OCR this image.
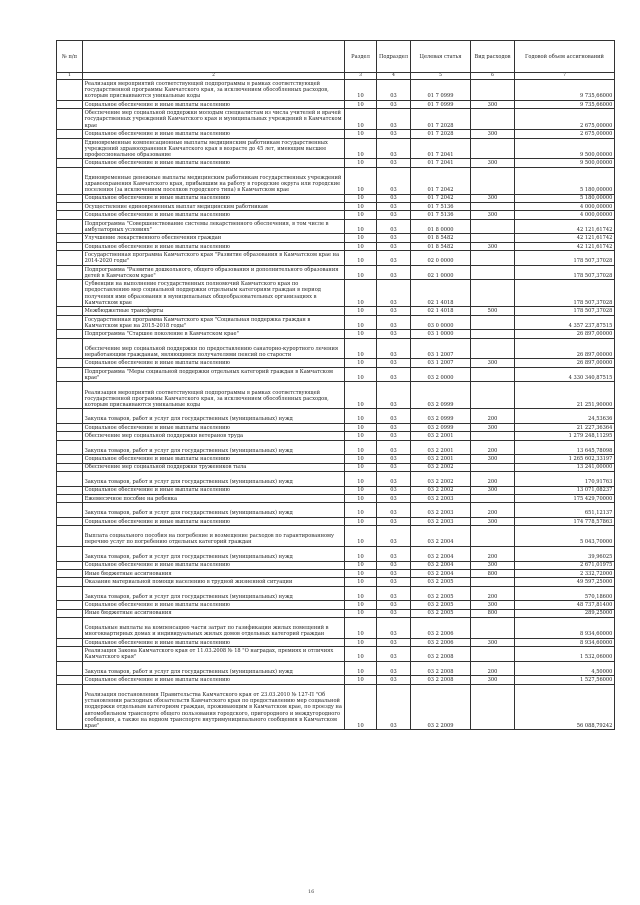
№ п/п		Раздел	Подраздел	Целевая статья	Вид расходов	Годовой объем ассигнований
1	2	3	4	5	6	7
	Реализация мероприятий соответствующей подпрограммы в рамках соответствующей государственной программы Камчатского края, за исключением обособленных расходов, которым присваиваются уникальные коды	10	03	01 7 0999		9 735,66000
	Социальное обеспечение и иные выплаты населению	10	03	01 7 0999	300	9 735,66000
	Обеспечение мер социальной поддержки молодым специалистам из числа учителей и врачей государственных учреждений Камчатского края и муниципальных учреждений в Камчатском крае	10	03	01 7 2028		2 675,00000
	Социальное обеспечение и иные выплаты населению	10	03	01 7 2028	300	2 675,00000
	Единовременные компенсационные выплаты медицинским работникам государственных учреждений здравоохранения Камчатского края в возрасте до 45 лет, имеющим высшее профессиональное образование	10	03	01 7 2041		9 500,00000
	Социальное обеспечение и иные выплаты населению	10	03	01 7 2041	300	9 500,00000
	Единовременные денежные выплаты медицинским работникам государственных учреждений здравоохранения Камчатского края, прибывшим на работу в городские округа или городские поселения (за исключением поселков городского типа) в Камчатском крае	10	03	01 7 2042		5 180,00000
	Социальное обеспечение и иные выплаты населению	10	03	01 7 2042	300	5 180,00000
	Осуществление единовременных выплат медицинским работникам	10	03	01 7 5136		4 000,00000
	Социальное обеспечение и иные выплаты населению	10	03	01 7 5136	300	4 000,00000
	Подпрограмма "Совершенствование системы лекарственного обеспечения, в том числе в амбулаторных условиях"	10	03	01 8 0000		42 121,61742
	Улучшение лекарственного обеспечения граждан	10	03	01 8 5482		42 121,61742
	Социальное обеспечение и иные выплаты населению	10	03	01 8 5482	300	42 121,61742
	Государственная программа Камчатского края "Развитие образования в Камчатском крае на 2014-2020 годы"	10	03	02 0 0000		178 507,37028
	Подпрограмма "Развитие дошкольного, общего образования и дополнительного образования детей в Камчатском крае"	10	03	02 1 0000		178 507,37028
	Субвенции на выполнение государственных полномочий Камчатского края по предоставлению мер социальной поддержки отдельным категориям граждан в период получения ими образования в муниципальных общеобразовательных организациях в Камчатском крае	10	03	02 1 4018		178 507,37028
	Межбюджетные трансферты	10	03	02 1 4018	500	178 507,37028
	Государственная программа Камчатского края "Социальная поддержка граждан в Камчатском крае на 2015-2018 годы"	10	03	03 0 0000		4 357 237,87515
	Подпрограмма "Старшее поколение в Камчатском крае"	10	03	03 1 0000		26 897,00000
	Обеспечение мер социальной поддержки по предоставлению санаторно-курортного лечения неработающим гражданам, являющимся получателями пенсий по старости	10	03	03 1 2007		26 897,00000
	Социальное обеспечение и иные выплаты населению	10	03	03 1 2007	300	26 897,00000
	Подпрограмма "Меры социальной поддержки отдельных категорий граждан в Камчатском крае"	10	03	03 2 0000		4 330 340,87515
	Реализация мероприятий соответствующей подпрограммы в рамках соответствующей государственной программы Камчатского края, за исключением обособленных расходов, которым присваиваются уникальные коды	10	03	03 2 0999		21 251,90000
	Закупка товаров, работ и услуг для государственных (муниципальных) нужд	10	03	03 2 0999	200	24,53636
	Социальное обеспечение и иные выплаты населению	10	03	03 2 0999	300	21 227,36364
	Обеспечение мер социальной поддержки ветеранов труда	10	03	03 2 2001		1 279 248,11295
	Закупка товаров, работ и услуг для государственных (муниципальных) нужд	10	03	03 2 2001	200	13 645,78098
	Социальное обеспечение и иные выплаты населению	10	03	03 2 2001	300	1 265 602,33197
	Обеспечение мер социальной поддержки тружеников тыла	10	03	03 2 2002		13 241,00000
	Закупка товаров, работ и услуг для государственных (муниципальных) нужд	10	03	03 2 2002	200	170,91763
	Социальное обеспечение и иные выплаты населению	10	03	03 2 2002	300	13 071,08237
	Ежемесячное пособие на ребенка	10	03	03 2 2003		175 429,70000
	Закупка товаров, работ и услуг для государственных (муниципальных) нужд	10	03	03 2 2003	200	651,12137
	Социальное обеспечение и иные выплаты населению	10	03	03 2 2003	300	174 778,57863
	Выплата социального пособия на погребение и возмещение расходов по гарантированному перечню услуг по погребению отдельных категорий граждан	10	03	03 2 2004		5 043,70000
	Закупка товаров, работ и услуг для государственных (муниципальных) нужд	10	03	03 2 2004	200	39,96025
	Социальное обеспечение и иные выплаты населению	10	03	03 2 2004	300	2 671,01975
	Иные бюджетные ассигнования	10	03	03 2 2004	800	2 332,72000
	Оказание материальной помощи населению в трудной жизненной ситуации	10	03	03 2 2005		49 597,25000
	Закупка товаров, работ и услуг для государственных (муниципальных) нужд	10	03	03 2 2005	200	570,18600
	Социальное обеспечение и иные выплаты населению	10	03	03 2 2005	300	48 737,81400
	Иные бюджетные ассигнования	10	03	03 2 2005	800	289,25000
	Социальные выплаты на компенсацию части затрат по газификации жилых помещений в многоквартирных домах и индивидуальных жилых домов отдельных категорий граждан	10	03	03 2 2006		8 934,60000
	Социальное обеспечение и иные выплаты населению	10	03	03 2 2006	300	8 934,60000
	Реализация Закона Камчатского края от 11.03.2008 № 18 "О наградах, премиях и отличиях Камчатского края"	10	03	03 2 2008		1 532,06000
	Закупка товаров, работ и услуг для государственных (муниципальных) нужд	10	03	03 2 2008	200	4,50000
	Социальное обеспечение и иные выплаты населению	10	03	03 2 2008	300	1 527,56000
	Реализация постановления Правительства Камчатского края от 23.03.2010 № 127-П "Об установлении расходных обязательств Камчатского края по предоставлению мер социальной поддержки отдельным категориям граждан, проживающим в Камчатском крае, по проезду на автомобильном транспорте общего пользования городского, пригородного и междугородного сообщения, а также на водном транспорте внутримуниципального сообщения в Камчатском крае"	10	03	03 2 2009		56 088,79242
16
